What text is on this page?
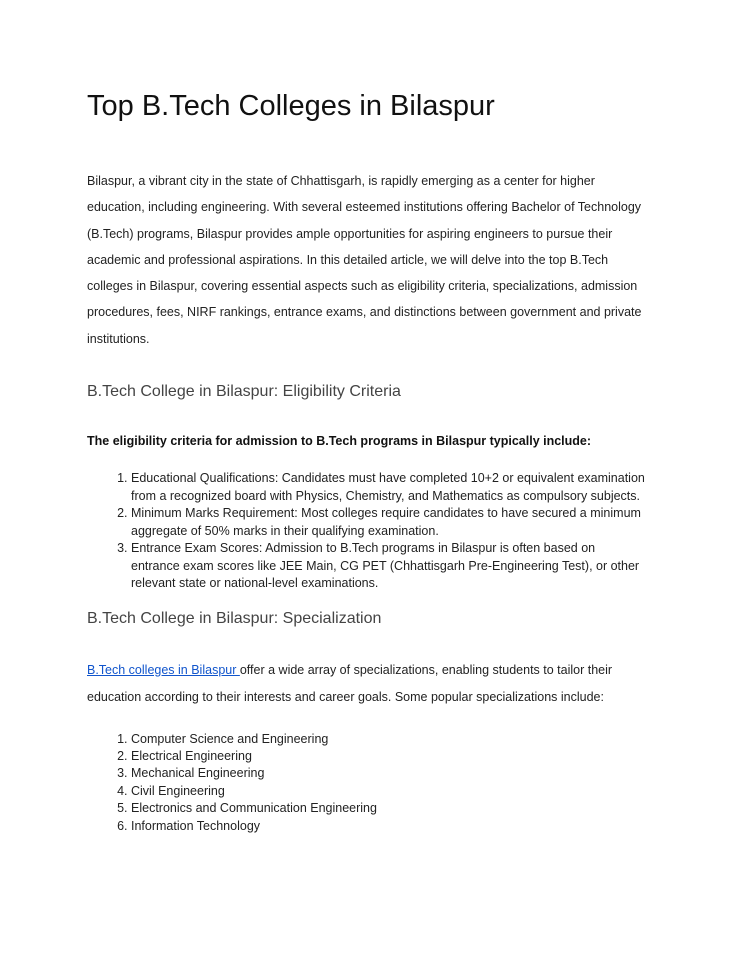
Top B.Tech Colleges in Bilaspur

Bilaspur, a vibrant city in the state of Chhattisgarh, is rapidly emerging as a center for higher education, including engineering. With several esteemed institutions offering Bachelor of Technology (B.Tech) programs, Bilaspur provides ample opportunities for aspiring engineers to pursue their academic and professional aspirations. In this detailed article, we will delve into the top B.Tech colleges in Bilaspur, covering essential aspects such as eligibility criteria, specializations, admission procedures, fees, NIRF rankings, entrance exams, and distinctions between government and private institutions.

B.Tech College in Bilaspur: Eligibility Criteria

The eligibility criteria for admission to B.Tech programs in Bilaspur typically include:

1. Educational Qualifications: Candidates must have completed 10+2 or equivalent examination from a recognized board with Physics, Chemistry, and Mathematics as compulsory subjects.
2. Minimum Marks Requirement: Most colleges require candidates to have secured a minimum aggregate of 50% marks in their qualifying examination.
3. Entrance Exam Scores: Admission to B.Tech programs in Bilaspur is often based on entrance exam scores like JEE Main, CG PET (Chhattisgarh Pre-Engineering Test), or other relevant state or national-level examinations.
B.Tech College in Bilaspur: Specialization

B.Tech colleges in Bilaspur offer a wide array of specializations, enabling students to tailor their education according to their interests and career goals. Some popular specializations include:

1. Computer Science and Engineering
2. Electrical Engineering
3. Mechanical Engineering
4. Civil Engineering
5. Electronics and Communication Engineering
6. Information Technology
